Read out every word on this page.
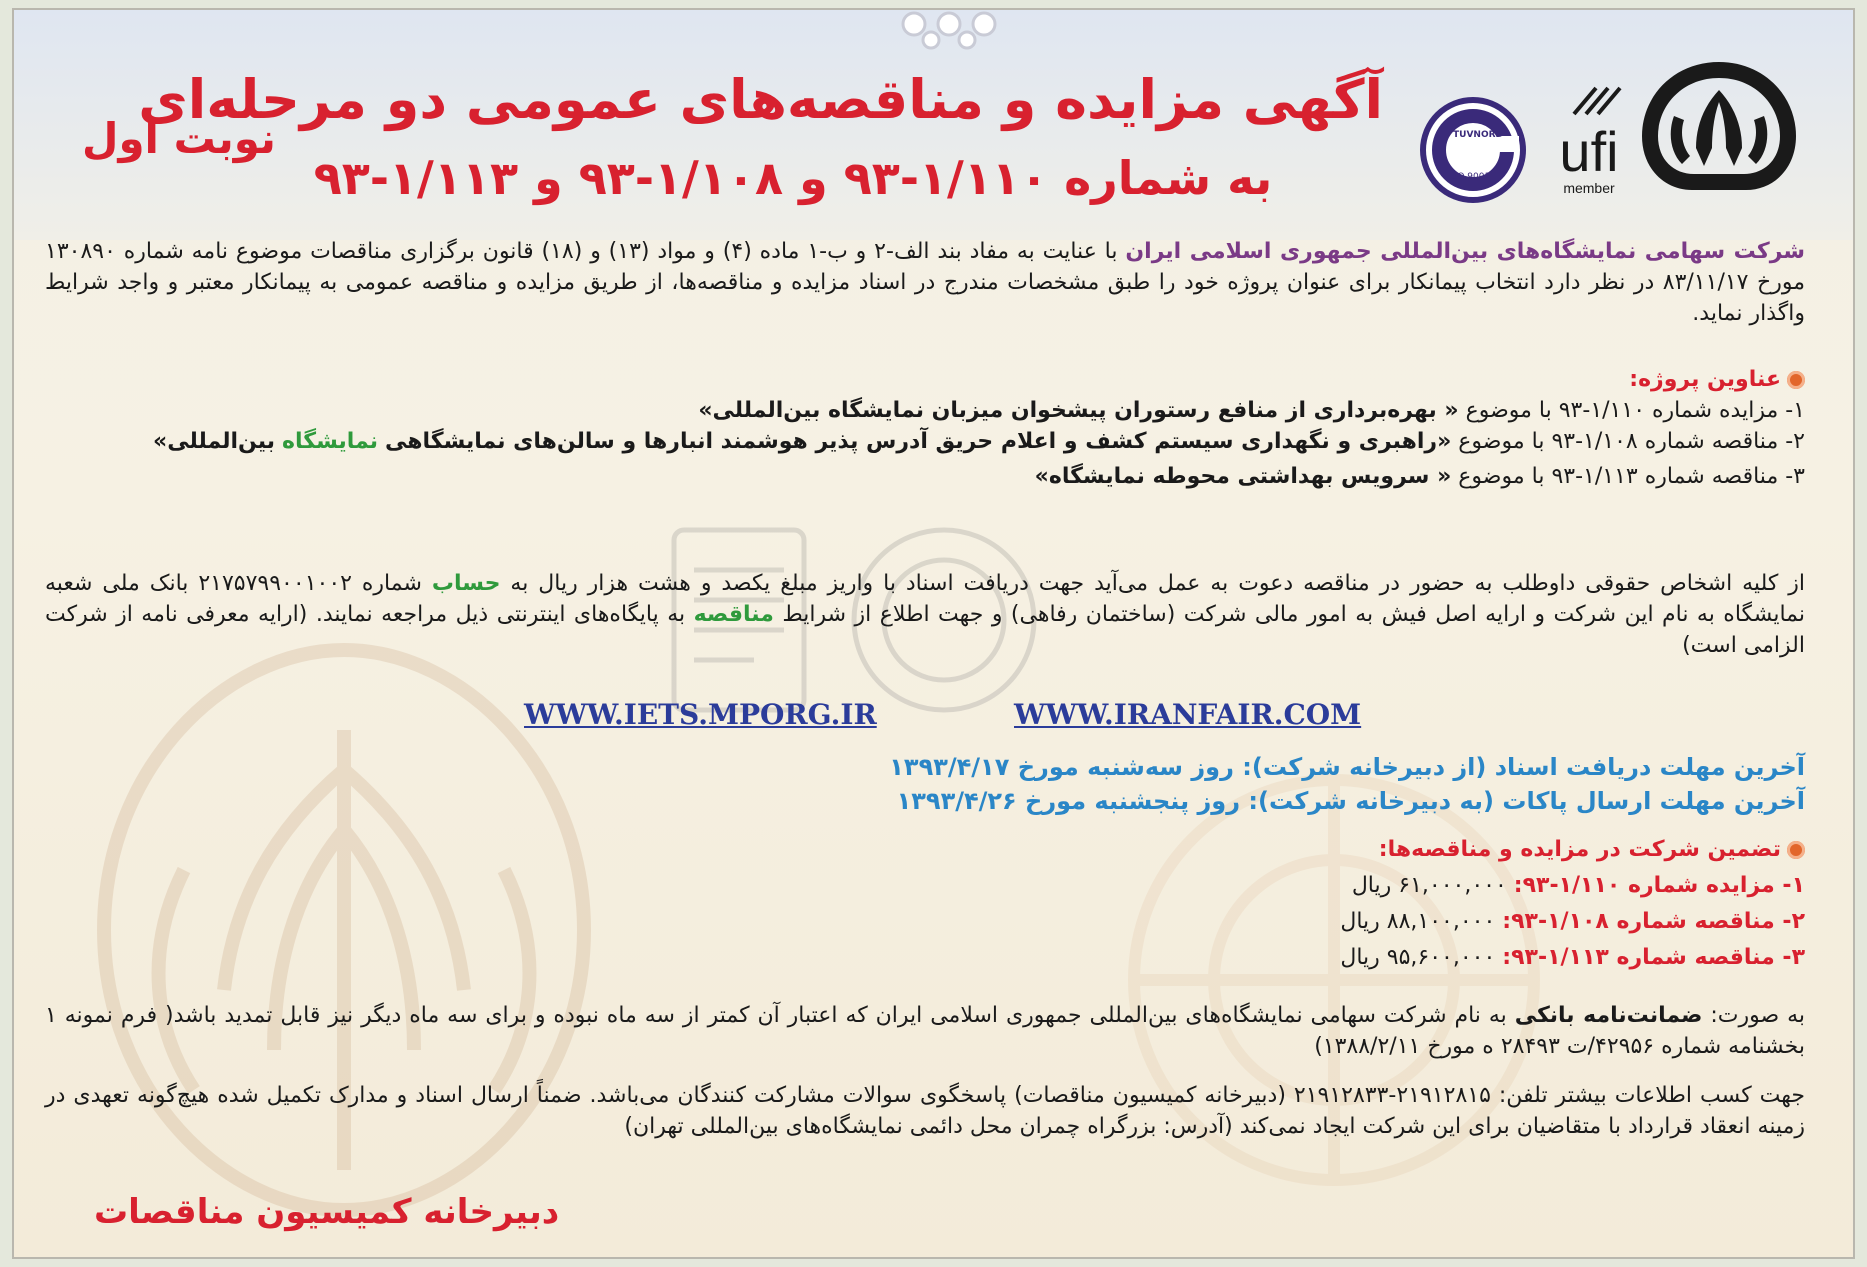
ufi
member
TUVNORD
ISO 9001
آگهی مزایده و مناقصه‌های عمومی دو مرحله‌ای
به شماره ۱/۱۱۰-۹۳ و ۱/۱۰۸-۹۳ و ۱/۱۱۳-۹۳
نوبت اول

شرکت سهامی نمایشگاه‌های بین‌المللی جمهوری اسلامی ایران با عنایت به مفاد بند الف-۲ و ب-۱ ماده (۴) و مواد (۱۳) و (۱۸) قانون برگزاری مناقصات موضوع نامه شماره ۱۳۰۸۹۰ مورخ ۸۳/۱۱/۱۷ در نظر دارد انتخاب پیمانکار برای عنوان پروژه خود را طبق مشخصات مندرج در اسناد مزایده و مناقصه‌ها، از طریق مزایده و مناقصه عمومی به پیمانکار معتبر و واجد شرایط واگذار نماید.

عناوین پروژه:

۱- مزایده شماره ۱/۱۱۰-۹۳ با موضوع « بهره‌برداری از منافع رستوران پیشخوان میزبان نمایشگاه بین‌المللی»

۲- مناقصه شماره ۱/۱۰۸-۹۳ با موضوع «راهبری و نگهداری سیستم کشف و اعلام حریق آدرس پذیر هوشمند انبارها و سالن‌های نمایشگاهی نمایشگاه بین‌المللی»

۳- مناقصه شماره ۱/۱۱۳-۹۳ با موضوع « سرویس بهداشتی محوطه نمایشگاه»

از کلیه اشخاص حقوقی داوطلب به حضور در مناقصه دعوت به عمل می‌آید جهت دریافت اسناد با واریز مبلغ یکصد و هشت هزار ریال به حساب شماره ۲۱۷۵۷۹۹۰۰۱۰۰۲ بانک ملی شعبه نمایشگاه به نام این شرکت و ارایه اصل فیش به امور مالی شرکت (ساختمان رفاهی) و جهت اطلاع از شرایط مناقصه به پایگاه‌های اینترنتی ذیل مراجعه نمایند. (ارایه معرفی نامه از شرکت الزامی است)

WWW.IETS.MPORG.IR	WWW.IRANFAIR.COM

آخرین مهلت دریافت اسناد (از دبیرخانه شرکت): روز سه‌شنبه مورخ ۱۳۹۳/۴/۱۷

آخرین مهلت ارسال پاکات (به دبیرخانه شرکت): روز پنجشنبه مورخ ۱۳۹۳/۴/۲۶

تضمین شرکت در مزایده و مناقصه‌ها:

۱- مزایده شماره ۱/۱۱۰-۹۳: ۶۱,۰۰۰,۰۰۰ ریال

۲- مناقصه شماره ۱/۱۰۸-۹۳: ۸۸,۱۰۰,۰۰۰ ریال

۳- مناقصه شماره ۱/۱۱۳-۹۳: ۹۵,۶۰۰,۰۰۰ ریال

به صورت: ضمانت‌نامه بانکی به نام شرکت سهامی نمایشگاه‌های بین‌المللی جمهوری اسلامی ایران که اعتبار آن کمتر از سه ماه نبوده و برای سه ماه دیگر نیز قابل تمدید باشد( فرم نمونه ۱ بخشنامه شماره ۴۲۹۵۶/ت ۲۸۴۹۳ ه مورخ ۱۳۸۸/۲/۱۱)

جهت کسب اطلاعات بیشتر تلفن: ۲۱۹۱۲۸۱۵-۲۱۹۱۲۸۳۳ (دبیرخانه کمیسیون مناقصات) پاسخگوی سوالات مشارکت کنندگان می‌باشد. ضمناً ارسال اسناد و مدارک تکمیل شده هیچ‌گونه تعهدی در زمینه انعقاد قرارداد با متقاضیان برای این شرکت ایجاد نمی‌کند (آدرس: بزرگراه چمران محل دائمی نمایشگاه‌های بین‌المللی تهران)

دبیرخانه کمیسیون مناقصات
